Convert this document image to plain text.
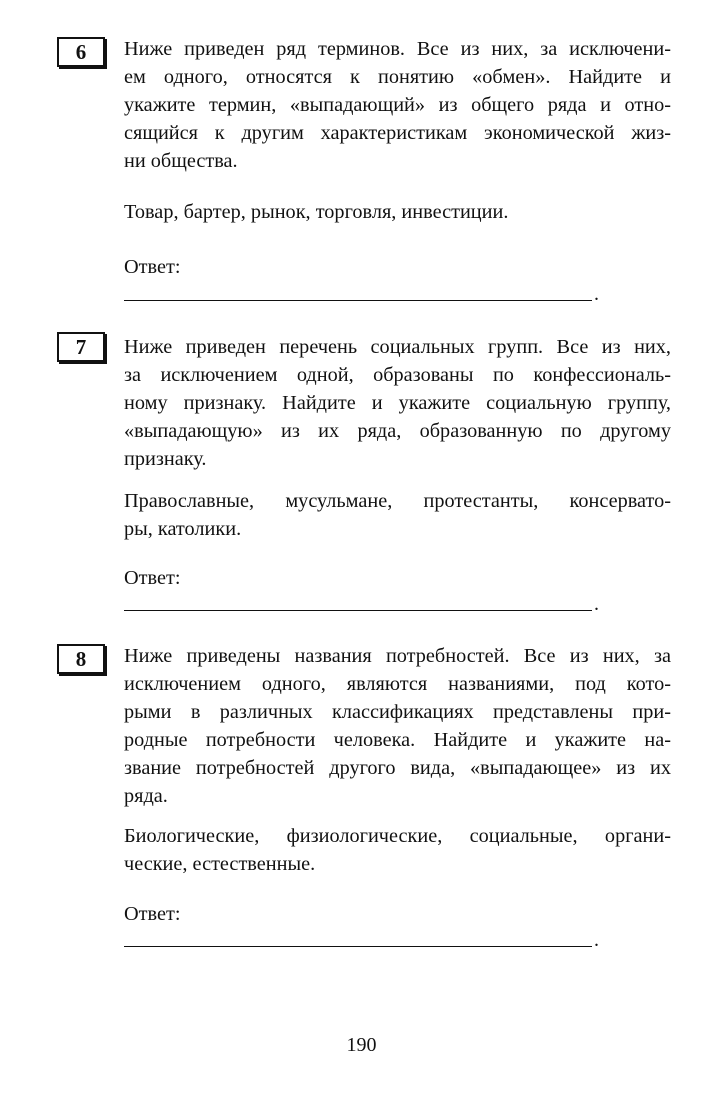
6 Ниже приведен ряд терминов. Все из них, за исключени-
ем одного, относятся к понятию «обмен». Найдите и
укажите термин, «выпадающий» из общего ряда и отно-
сящийся к другим характеристикам экономической жиз-
ни общества.

Товар, бартер, рынок, торговля, инвестиции.

Ответ:
.
7 Ниже приведен перечень социальных групп. Все из них,
за исключением одной, образованы по конфессиональ-
ному признаку. Найдите и укажите социальную группу,
«выпадающую» из их ряда, образованную по другому
признаку.

Православные, мусульмане, протестанты, консервато-
ры, католики.

Ответ:
.
8 Ниже приведены названия потребностей. Все из них, за
исключением одного, являются названиями, под кото-
рыми в различных классификациях представлены при-
родные потребности человека. Найдите и укажите на-
звание потребностей другого вида, «выпадающее» из их
ряда.

Биологические, физиологические, социальные, органи-
ческие, естественные.

Ответ:
.
190
